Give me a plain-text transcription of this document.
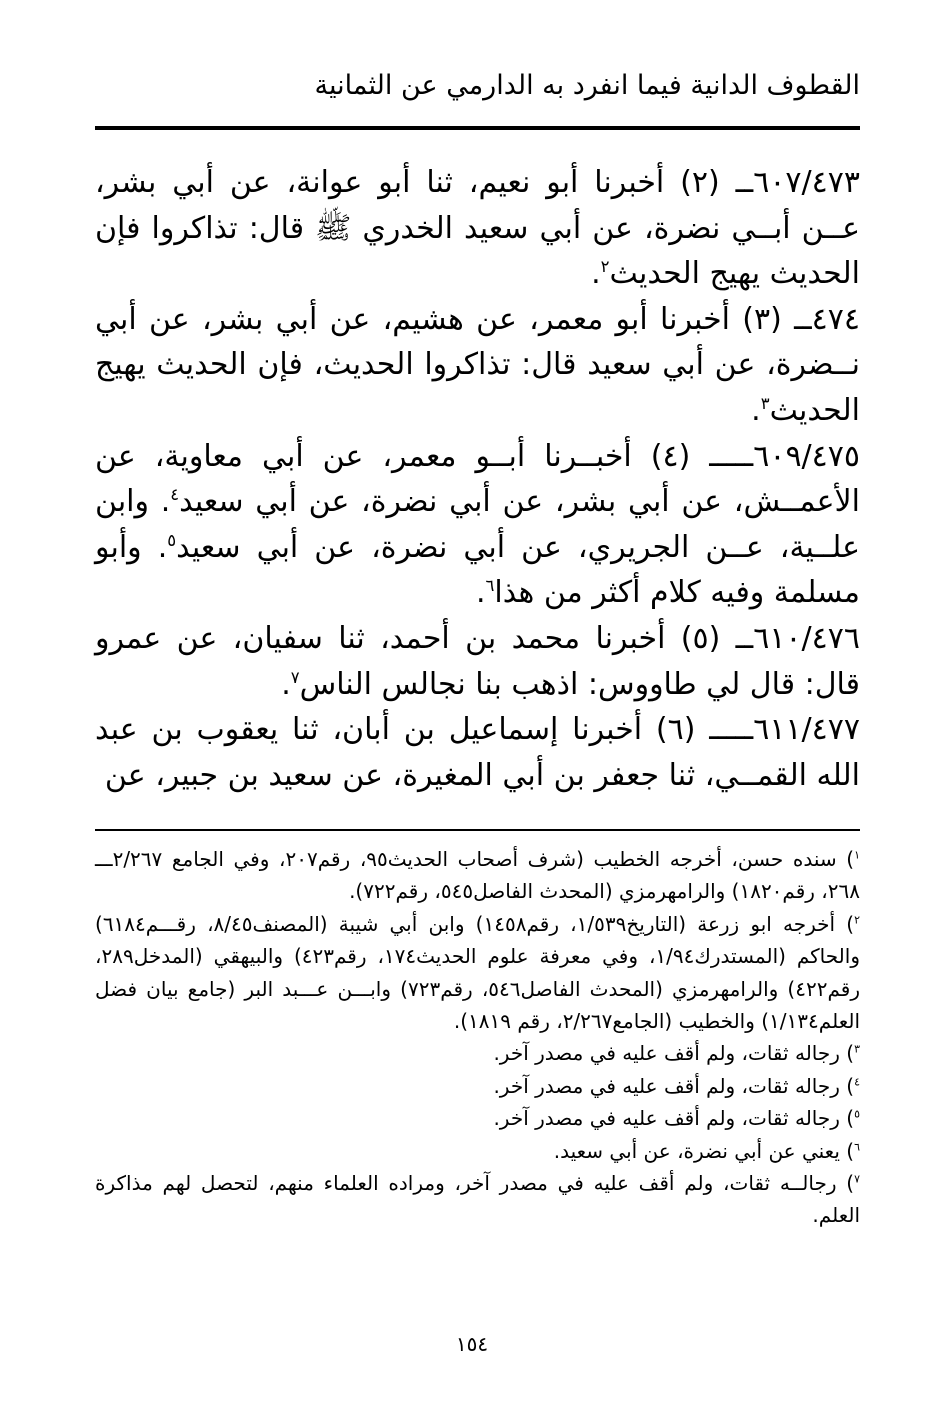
القطوف الدانية فيما انفرد به الدارمي عن الثمانية

٦٠٧/٤٧٣ــ (٢) أخبرنا أبو نعيم، ثنا أبو عوانة، عن أبي بشر، عــن أبــي نضرة، عن أبي سعيد الخدري ﷺ قال: تذاكروا فإن الحديث يهيج الحديث$^٢$.

٤٧٤ــ (٣) أخبرنا أبو معمر، عن هشيم، عن أبي بشر، عن أبي نــضرة، عن أبي سعيد قال: تذاكروا الحديث، فإن الحديث يهيج الحديث$^٣$.

٦٠٩/٤٧٥ـــــ (٤) أخبــرنا أبــو معمر، عن أبي معاوية، عن الأعمــش، عن أبي بشر، عن أبي نضرة، عن أبي سعيد$^٤$. وابن علــية، عــن الجريري، عن أبي نضرة، عن أبي سعيد$^٥$. وأبو مسلمة وفيه كلام أكثر من هذا$^٦$.

٦١٠/٤٧٦ــ (٥) أخبرنا محمد بن أحمد، ثنا سفيان، عن عمرو قال: قال لي طاووس: اذهب بنا نجالس الناس$^٧$.

٦١١/٤٧٧ـــــ (٦) أخبرنا إسماعيل بن أبان، ثنا يعقوب بن عبد الله القمــي، ثنا جعفر بن أبي المغيرة، عن سعيد بن جبير، عن

$^١$) سنده حسن، أخرجه الخطيب (شرف أصحاب الحديث٩٥، رقم٢٠٧، وفي الجامع ٢/٢٦٧ـــ ٢٦٨، رقم١٨٢٠) والرامهرمزي (المحدث الفاصل٥٤٥، رقم٧٢٢).

$^٢$) أخرجه ابو زرعة (التاريخ١/٥٣٩، رقم١٤٥٨) وابن أبي شيبة (المصنف٨/٤٥، رقـــم٦١٨٤) والحاكم (المستدرك١/٩٤، وفي معرفة علوم الحديث١٧٤، رقم٤٢٣) والبيهقي (المدخل٢٨٩، رقم٤٢٢) والرامهرمزي (المحدث الفاصل٥٤٦، رقم٧٢٣) وابـــن عـــبد البر (جامع بيان فضل العلم١/١٣٤) والخطيب (الجامع٢/٢٦٧، رقم ١٨١٩).

$^٣$) رجاله ثقات، ولم أقف عليه في مصدر آخر.

$^٤$) رجاله ثقات، ولم أقف عليه في مصدر آخر.

$^٥$) رجاله ثقات، ولم أقف عليه في مصدر آخر.

$^٦$) يعني عن أبي نضرة، عن أبي سعيد.

$^٧$) رجالــه ثقات، ولم أقف عليه في مصدر آخر، ومراده العلماء منهم، لتحصل لهم مذاكرة العلم.

١٥٤
